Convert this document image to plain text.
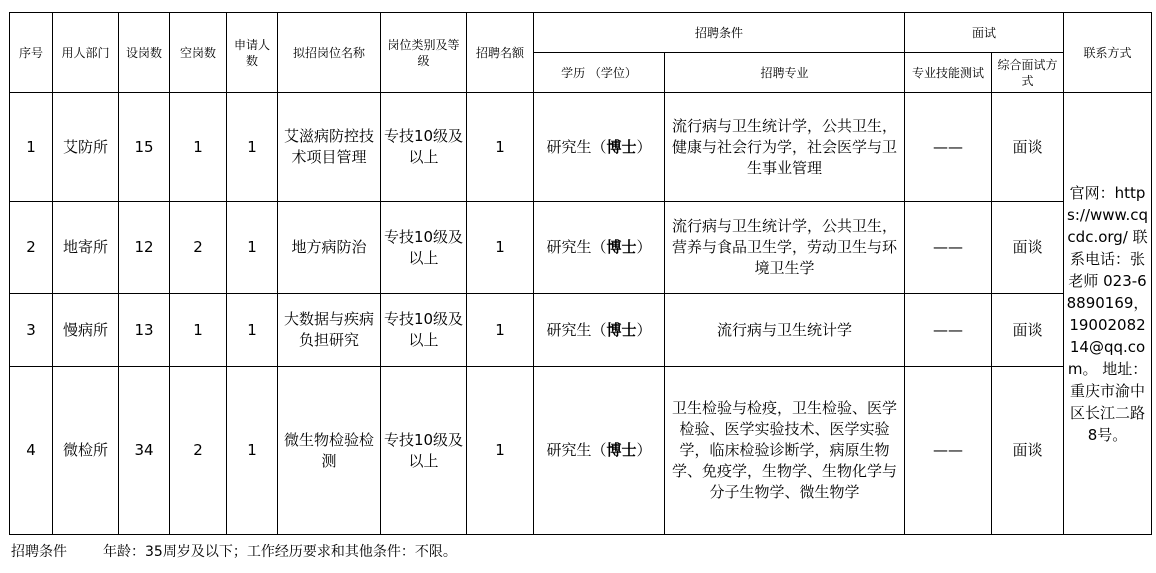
序号	用人部门	设岗数	空岗数	申请人数	拟招岗位名称	岗位类别及等级	招聘名额	招聘条件		面试		联系方式
								学历 （学位）	招聘专业	专业技能测试	综合面试方式	
1	艾防所	15	1	1	艾滋病防控技术项目管理	专技10级及以上	1	研究生（博士）	流行病与卫生统计学，公共卫生，健康与社会行为学，社会医学与卫生事业管理	——	面谈	官网：https://www.cqcdc.org/ 联系电话：张老师 023-68890169，1900208214@qq.com。 地址：重庆市渝中区长江二路8号。
2	地寄所	12	2	1	地方病防治	专技10级及以上	1	研究生（博士）	流行病与卫生统计学，公共卫生，营养与食品卫生学，劳动卫生与环境卫生学	——	面谈	
3	慢病所	13	1	1	大数据与疾病负担研究	专技10级及以上	1	研究生（博士）	流行病与卫生统计学	——	面谈	
4	微检所	34	2	1	微生物检验检测	专技10级及以上	1	研究生（博士）	卫生检验与检疫，卫生检验、医学检验、医学实验技术、医学实验学，临床检验诊断学，病原生物学、免疫学，生物学、生物化学与分子生物学、微生物学	——	面谈	
招聘条件	年龄：35周岁及以下；工作经历要求和其他条件：不限。
